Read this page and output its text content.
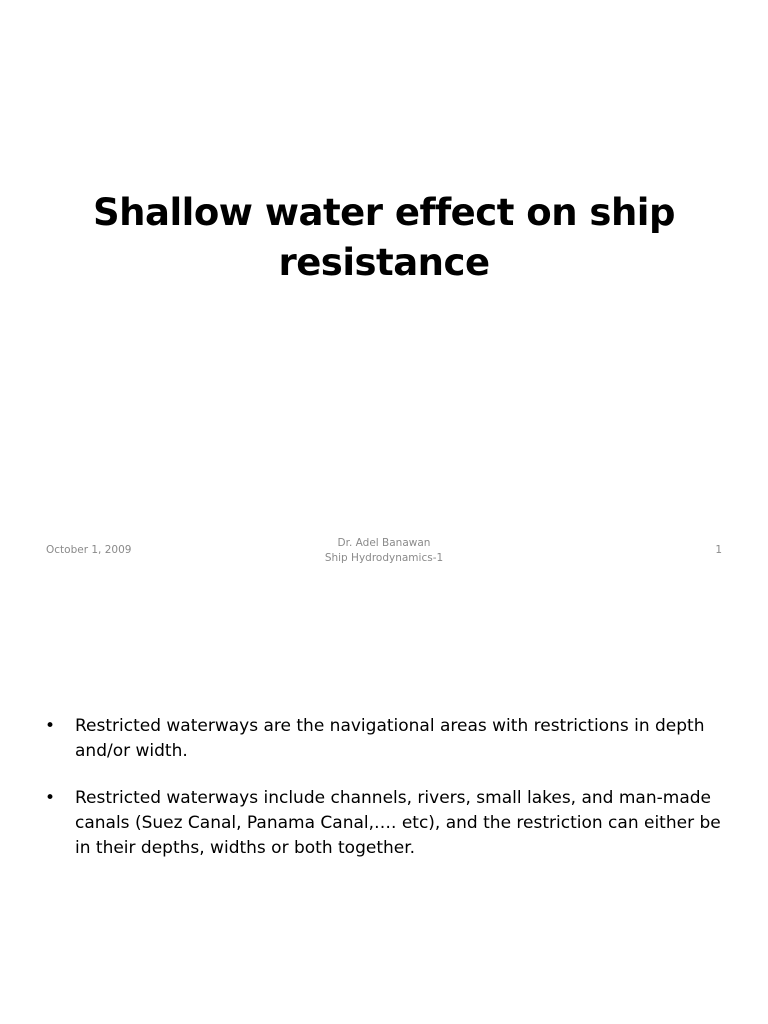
Shallow water effect on ship
resistance
October 1, 2009
Dr. Adel Banawan
Ship Hydrodynamics-1
1
• Restricted waterways are the navigational areas with restrictions in depth and/or width.
• Restricted waterways include channels, rivers, small lakes, and man-made canals (Suez Canal, Panama Canal,…. etc), and the restriction can either be in their depths, widths or both together.
